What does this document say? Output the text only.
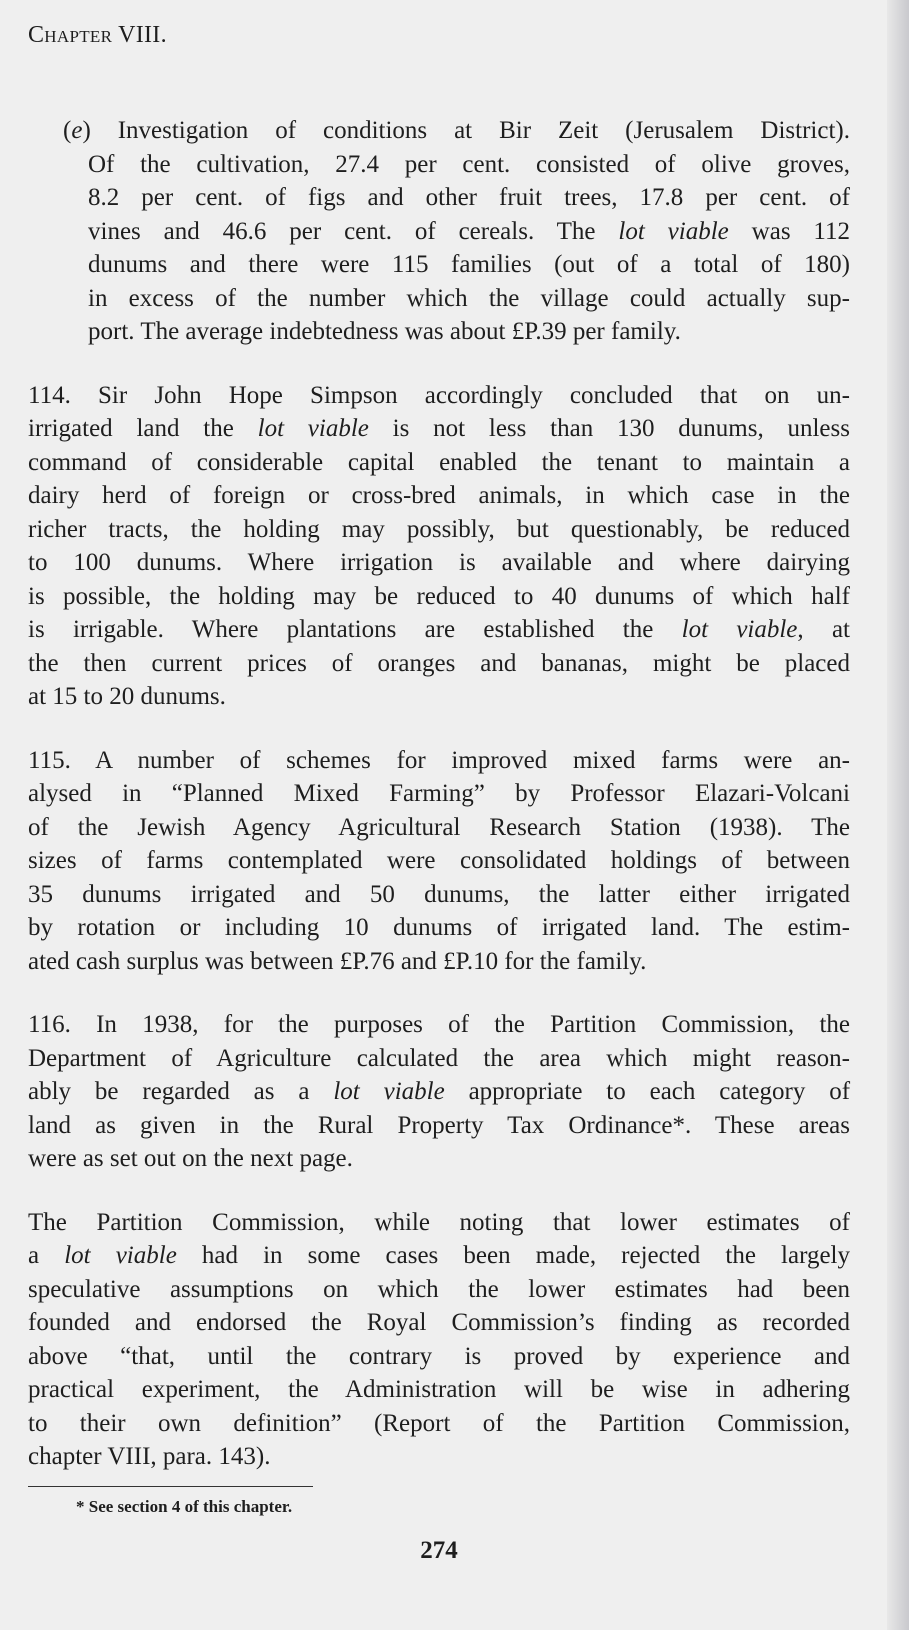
Chapter VIII.
(e) Investigation of conditions at Bir Zeit (Jerusalem District).
Of the cultivation, 27.4 per cent. consisted of olive groves,
8.2 per cent. of figs and other fruit trees, 17.8 per cent. of
vines and 46.6 per cent. of cereals. The lot viable was 112
dunums and there were 115 families (out of a total of 180)
in excess of the number which the village could actually sup-
port. The average indebtedness was about £P.39 per family.
114. Sir John Hope Simpson accordingly concluded that on un-
irrigated land the lot viable is not less than 130 dunums, unless
command of considerable capital enabled the tenant to maintain a
dairy herd of foreign or cross-bred animals, in which case in the
richer tracts, the holding may possibly, but questionably, be reduced
to 100 dunums. Where irrigation is available and where dairying
is possible, the holding may be reduced to 40 dunums of which half
is irrigable. Where plantations are established the lot viable, at
the then current prices of oranges and bananas, might be placed
at 15 to 20 dunums.
115. A number of schemes for improved mixed farms were an-
alysed in “Planned Mixed Farming” by Professor Elazari-Volcani
of the Jewish Agency Agricultural Research Station (1938). The
sizes of farms contemplated were consolidated holdings of between
35 dunums irrigated and 50 dunums, the latter either irrigated
by rotation or including 10 dunums of irrigated land. The estim-
ated cash surplus was between £P.76 and £P.10 for the family.
116. In 1938, for the purposes of the Partition Commission, the
Department of Agriculture calculated the area which might reason-
ably be regarded as a lot viable appropriate to each category of
land as given in the Rural Property Tax Ordinance*. These areas
were as set out on the next page.
The Partition Commission, while noting that lower estimates of
a lot viable had in some cases been made, rejected the largely
speculative assumptions on which the lower estimates had been
founded and endorsed the Royal Commission’s finding as recorded
above “that, until the contrary is proved by experience and
practical experiment, the Administration will be wise in adhering
to their own definition” (Report of the Partition Commission,
chapter VIII, para. 143).
* See section 4 of this chapter.
274
